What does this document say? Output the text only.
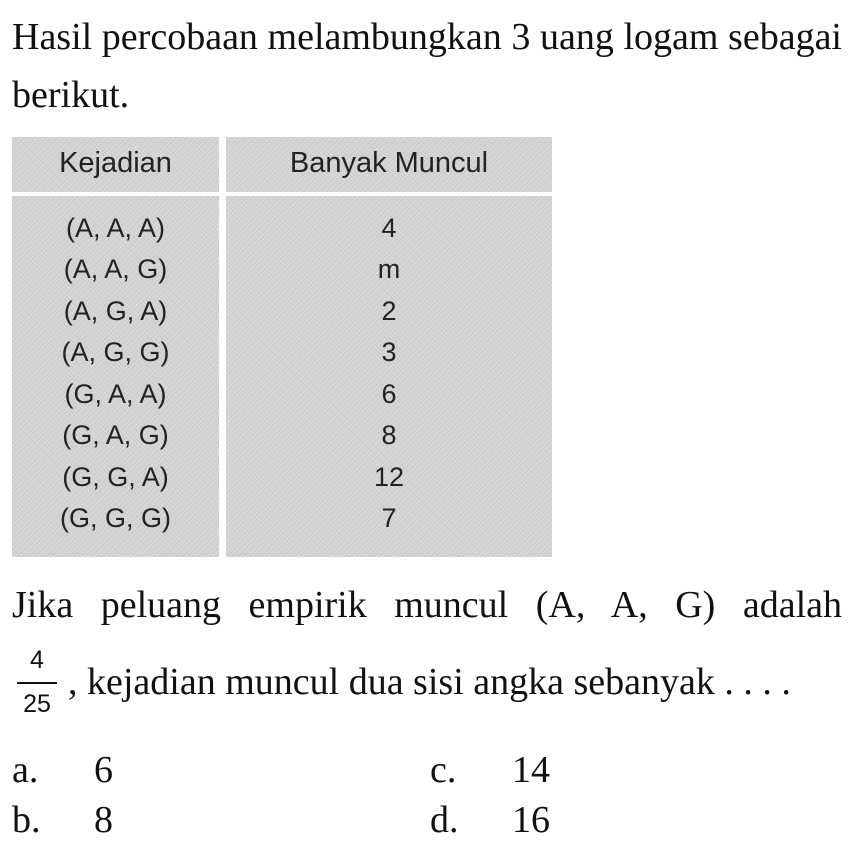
Hasil percobaan melambungkan 3 uang logam sebagai berikut.
Kejadian	Banyak Muncul
(A, A, A)	4
(A, A, G)	m
(A, G, A)	2
(A, G, G)	3
(G, A, A)	6
(G, A, G)	8
(G, G, A)	12
(G, G, G)	7
Jika peluang empirik muncul (A, A, G) adalah
4
25
, kejadian muncul dua sisi angka sebanyak . . . .
a. 6
b. 8
c. 14
d. 16
